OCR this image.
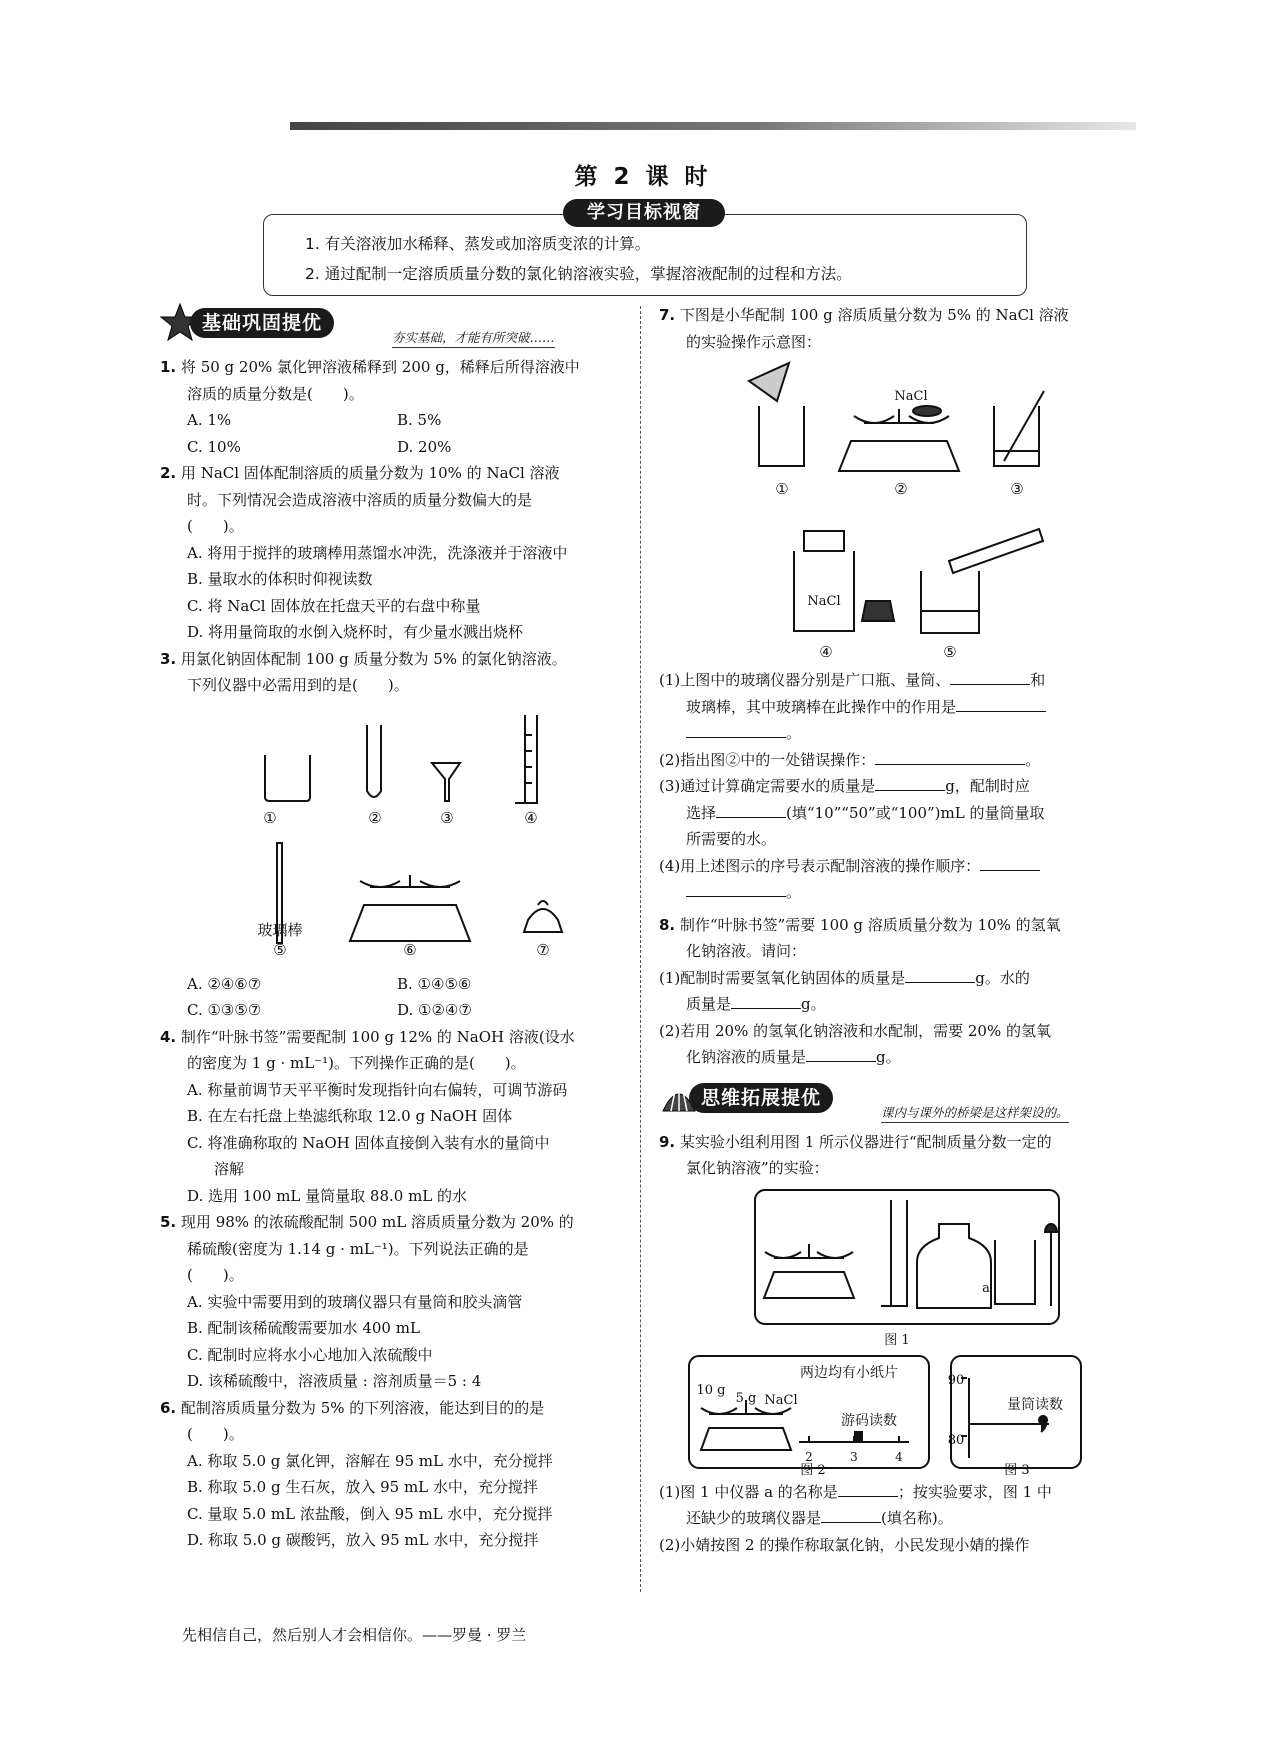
第 2 课 时
学习目标视窗
1. 有关溶液加水稀释、蒸发或加溶质变浓的计算。
2. 通过配制一定溶质质量分数的氯化钠溶液实验，掌握溶液配制的过程和方法。
基础巩固提优
夯实基础，才能有所突破……

1. 将 50 g 20% 氯化钾溶液稀释到 200 g，稀释后所得溶液中

溶质的质量分数是(　　)。

A. 1%	B. 5%
C. 10%	D. 20%

2. 用 NaCl 固体配制溶质的质量分数为 10% 的 NaCl 溶液

时。下列情况会造成溶液中溶质的质量分数偏大的是

(　　)。

A. 将用于搅拌的玻璃棒用蒸馏水冲洗，洗涤液并于溶液中

B. 量取水的体积时仰视读数

C. 将 NaCl 固体放在托盘天平的右盘中称量

D. 将用量筒取的水倒入烧杯时，有少量水溅出烧杯

3. 用氯化钠固体配制 100 g 质量分数为 5% 的氯化钠溶液。

下列仪器中必需用到的是(　　)。

①	②	③	④
玻璃棒
⑤	⑥	⑦
A. ②④⑥⑦	B. ①④⑤⑥
C. ①③⑤⑦	D. ①②④⑦

4. 制作“叶脉书签”需要配制 100 g 12% 的 NaOH 溶液(设水

的密度为 1 g · mL⁻¹)。下列操作正确的是(　　)。

A. 称量前调节天平平衡时发现指针向右偏转，可调节游码

B. 在左右托盘上垫滤纸称取 12.0 g NaOH 固体

C. 将准确称取的 NaOH 固体直接倒入装有水的量筒中

溶解

D. 选用 100 mL 量筒量取 88.0 mL 的水

5. 现用 98% 的浓硫酸配制 500 mL 溶质质量分数为 20% 的

稀硫酸(密度为 1.14 g · mL⁻¹)。下列说法正确的是

(　　)。

A. 实验中需要用到的玻璃仪器只有量筒和胶头滴管

B. 配制该稀硫酸需要加水 400 mL

C. 配制时应将水小心地加入浓硫酸中

D. 该稀硫酸中，溶液质量 : 溶剂质量＝5 : 4

6. 配制溶质质量分数为 5% 的下列溶液，能达到目的的是

(　　)。

A. 称取 5.0 g 氯化钾，溶解在 95 mL 水中，充分搅拌

B. 称取 5.0 g 生石灰，放入 95 mL 水中，充分搅拌

C. 量取 5.0 mL 浓盐酸，倒入 95 mL 水中，充分搅拌

D. 称取 5.0 g 碳酸钙，放入 95 mL 水中，充分搅拌

7. 下图是小华配制 100 g 溶质质量分数为 5% 的 NaCl 溶液

的实验操作示意图：

NaCl
NaCl
①	②	③
④	⑤

(1)上图中的玻璃仪器分别是广口瓶、量筒、	和

玻璃棒，其中玻璃棒在此操作中的作用是

。

(2)指出图②中的一处错误操作：	。

(3)通过计算确定需要水的质量是	g，配制时应

选择	(填“10”“50”或“100”)mL 的量筒量取

所需要的水。

(4)用上述图示的序号表示配制溶液的操作顺序：

。

8. 制作“叶脉书签”需要 100 g 溶质质量分数为 10% 的氢氧

化钠溶液。请问：

(1)配制时需要氢氧化钠固体的质量是	g。水的

质量是	g。

(2)若用 20% 的氢氧化钠溶液和水配制，需要 20% 的氢氧

化钠溶液的质量是	g。

思维拓展提优
课内与课外的桥梁是这样架设的。

9. 某实验小组利用图 1 所示仪器进行“配制质量分数一定的

氯化钠溶液”的实验：

a
图 1
两边均有小纸片
10 g
5 g NaCl
游码读数
2	3	4
图 2
90
80
量筒读数
图 3

(1)图 1 中仪器 a 的名称是	；按实验要求，图 1 中

还缺少的玻璃仪器是	(填名称)。

(2)小婧按图 2 的操作称取氯化钠，小民发现小婧的操作

先相信自己，然后别人才会相信你。——罗曼 · 罗兰
